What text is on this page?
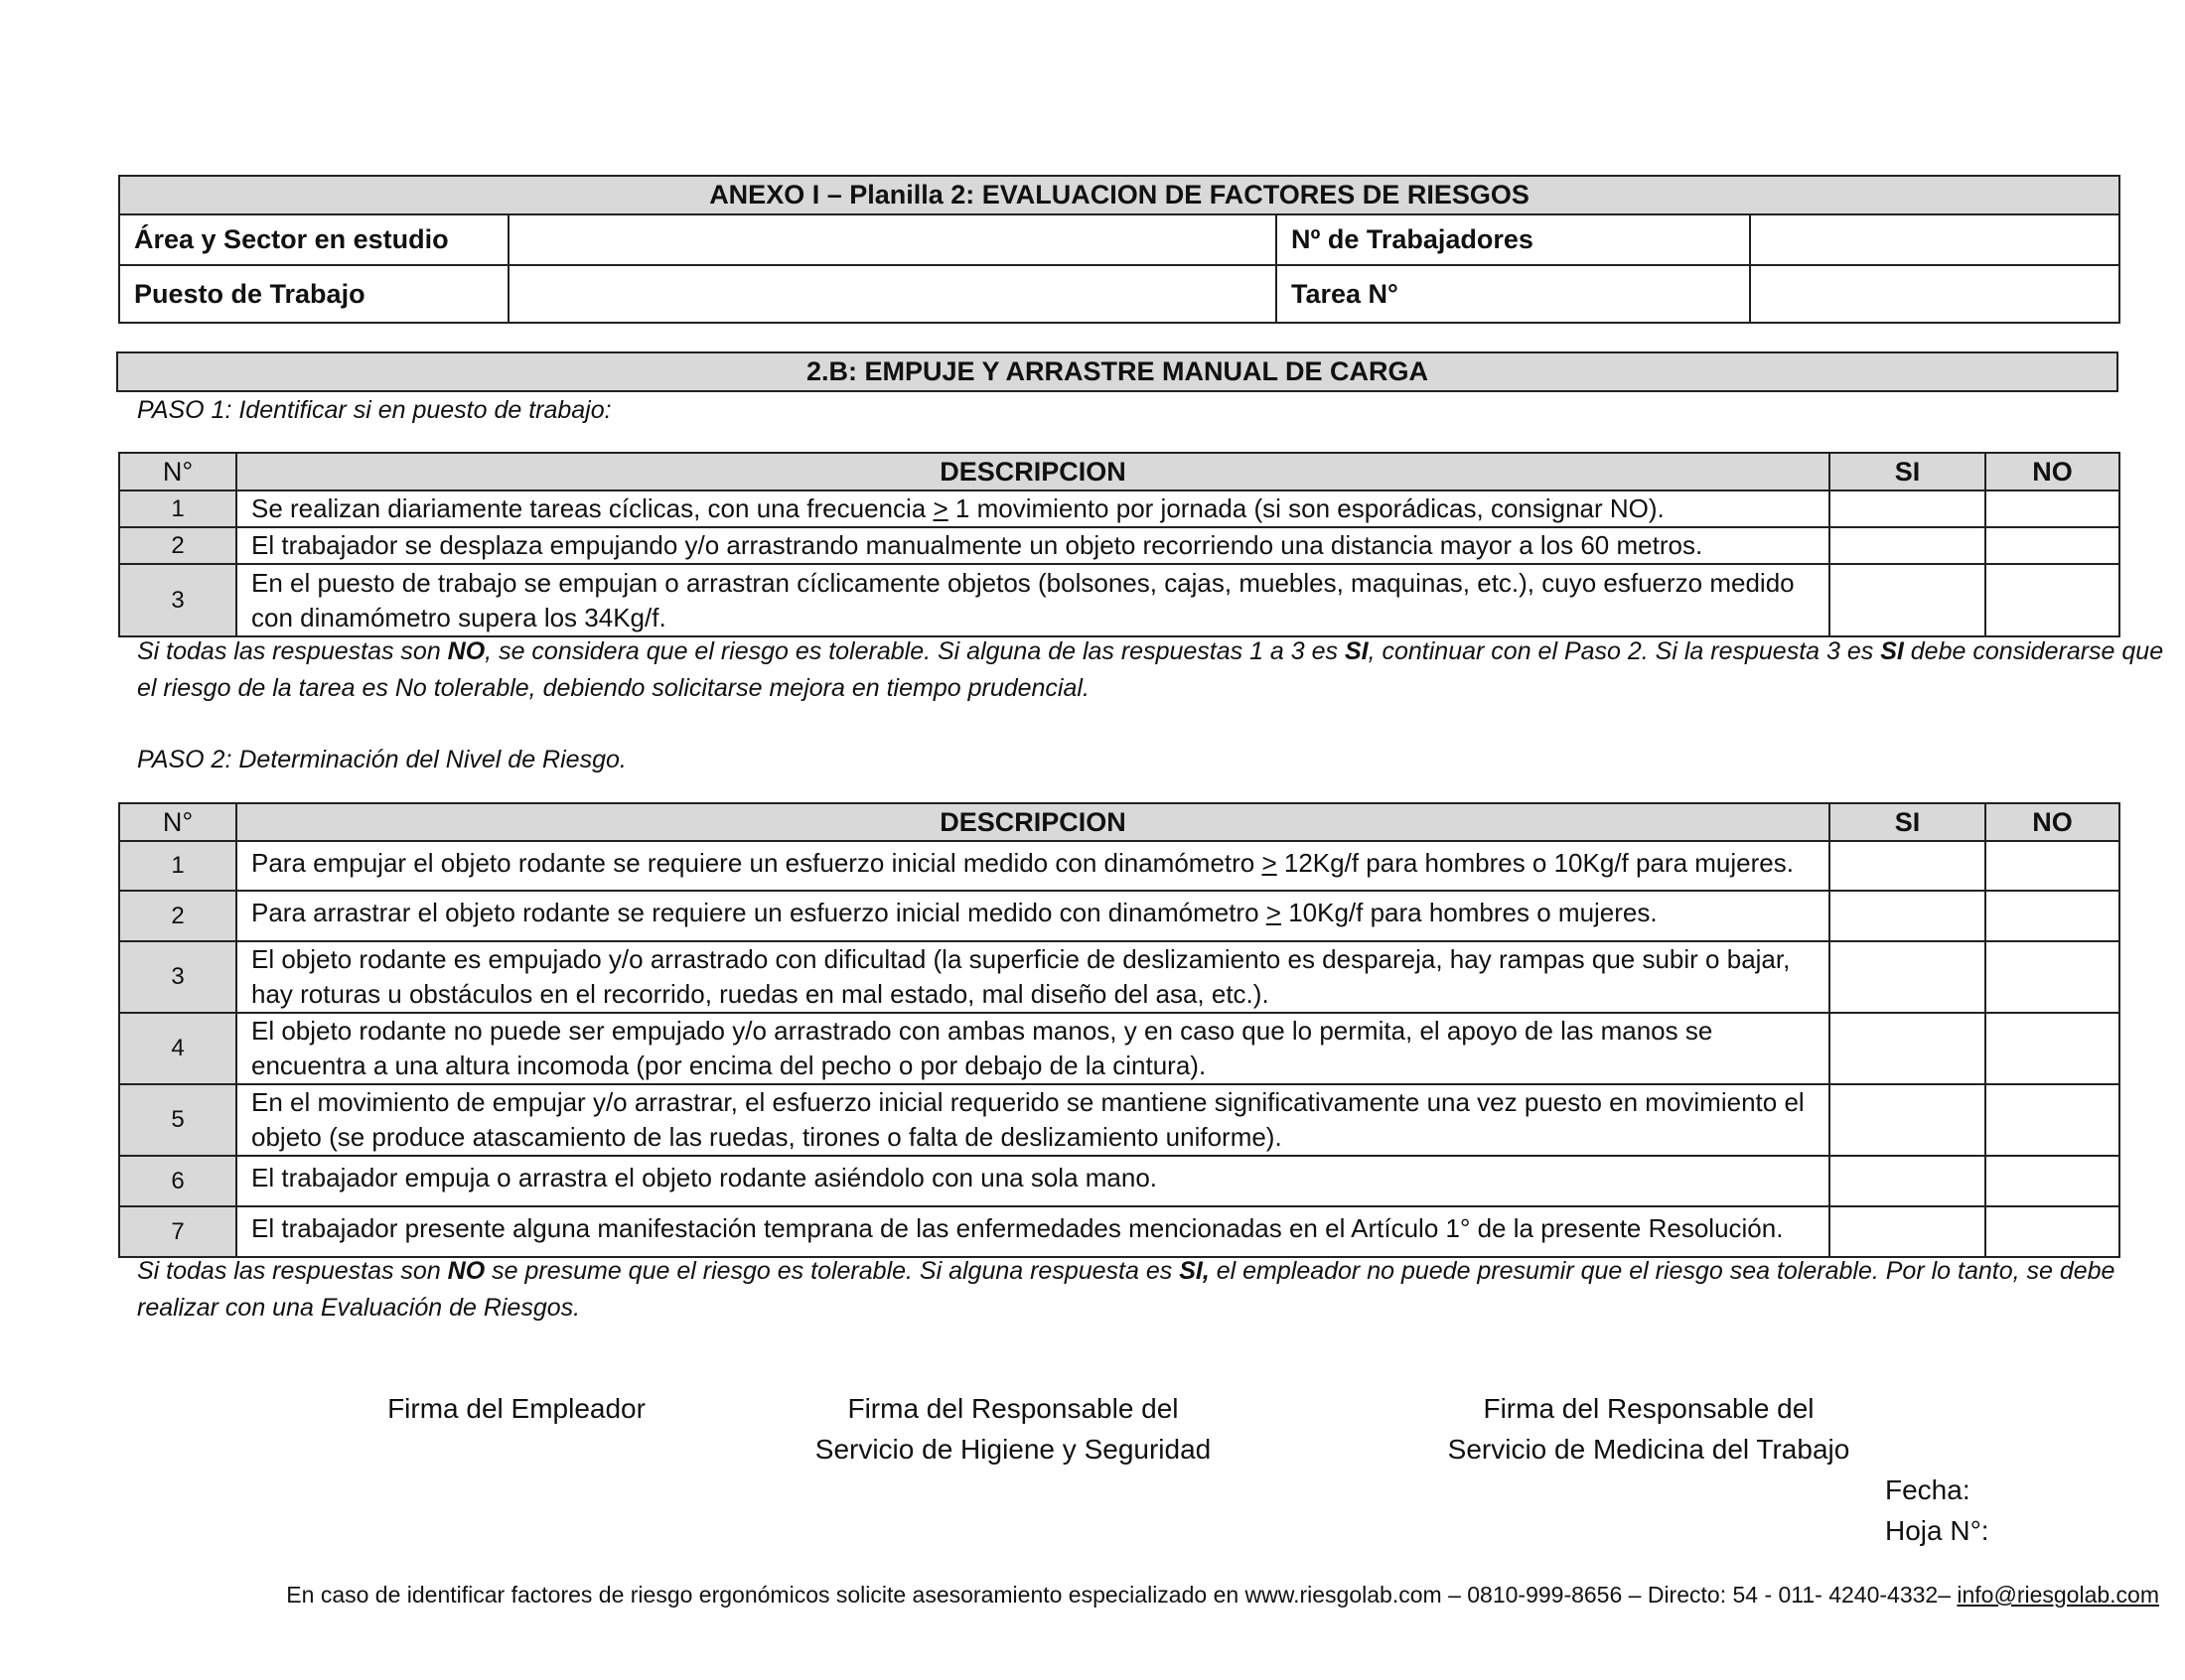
ANEXO I – Planilla 2: EVALUACION DE FACTORES DE RIESGOS			
Área y Sector en estudio		Nº de Trabajadores	
Puesto de Trabajo		Tarea N°	
2.B: EMPUJE Y ARRASTRE MANUAL DE CARGA
PASO 1: Identificar si en puesto de trabajo:
N°	DESCRIPCION	SI	NO
1	Se realizan diariamente tareas cíclicas, con una frecuencia > 1 movimiento por jornada (si son esporádicas, consignar NO).		
2	El trabajador se desplaza empujando y/o arrastrando manualmente un objeto recorriendo una distancia mayor a los 60 metros.		
3	En el puesto de trabajo se empujan o arrastran cíclicamente objetos (bolsones, cajas, muebles, maquinas, etc.), cuyo esfuerzo medido con dinamómetro supera los 34Kg/f.		
Si todas las respuestas son NO, se considera que el riesgo es tolerable. Si alguna de las respuestas 1 a 3 es SI, continuar con el Paso 2. Si la respuesta 3 es SI debe considerarse que el riesgo de la tarea es No tolerable, debiendo solicitarse mejora en tiempo prudencial.
PASO 2: Determinación del Nivel de Riesgo.
N°	DESCRIPCION	SI	NO
1	Para empujar el objeto rodante se requiere un esfuerzo inicial medido con dinamómetro > 12Kg/f para hombres o 10Kg/f para mujeres.		
2	Para arrastrar el objeto rodante se requiere un esfuerzo inicial medido con dinamómetro > 10Kg/f para hombres o mujeres.		
3	El objeto rodante es empujado y/o arrastrado con dificultad (la superficie de deslizamiento es despareja, hay rampas que subir o bajar, hay roturas u obstáculos en el recorrido, ruedas en mal estado, mal diseño del asa, etc.).		
4	El objeto rodante no puede ser empujado y/o arrastrado con ambas manos, y en caso que lo permita, el apoyo de las manos se encuentra a una altura incomoda (por encima del pecho o por debajo de la cintura).		
5	En el movimiento de empujar y/o arrastrar, el esfuerzo inicial requerido se mantiene significativamente una vez puesto en movimiento el objeto (se produce atascamiento de las ruedas, tirones o falta de deslizamiento uniforme).		
6	El trabajador empuja o arrastra el objeto rodante asiéndolo con una sola mano.		
7	El trabajador presente alguna manifestación temprana de las enfermedades mencionadas en el Artículo 1° de la presente Resolución.		
Si todas las respuestas son NO se presume que el riesgo es tolerable. Si alguna respuesta es SI, el empleador no puede presumir que el riesgo sea tolerable. Por lo tanto, se debe realizar con una Evaluación de Riesgos.
Firma del Empleador	Firma del Responsable del
Servicio de Higiene y Seguridad
Firma del Responsable del
Servicio de Medicina del Trabajo
Fecha:
Hoja N°:
En caso de identificar factores de riesgo ergonómicos solicite asesoramiento especializado en www.riesgolab.com – 0810-999-8656 – Directo: 54 - 011- 4240-4332– info@riesgolab.com
